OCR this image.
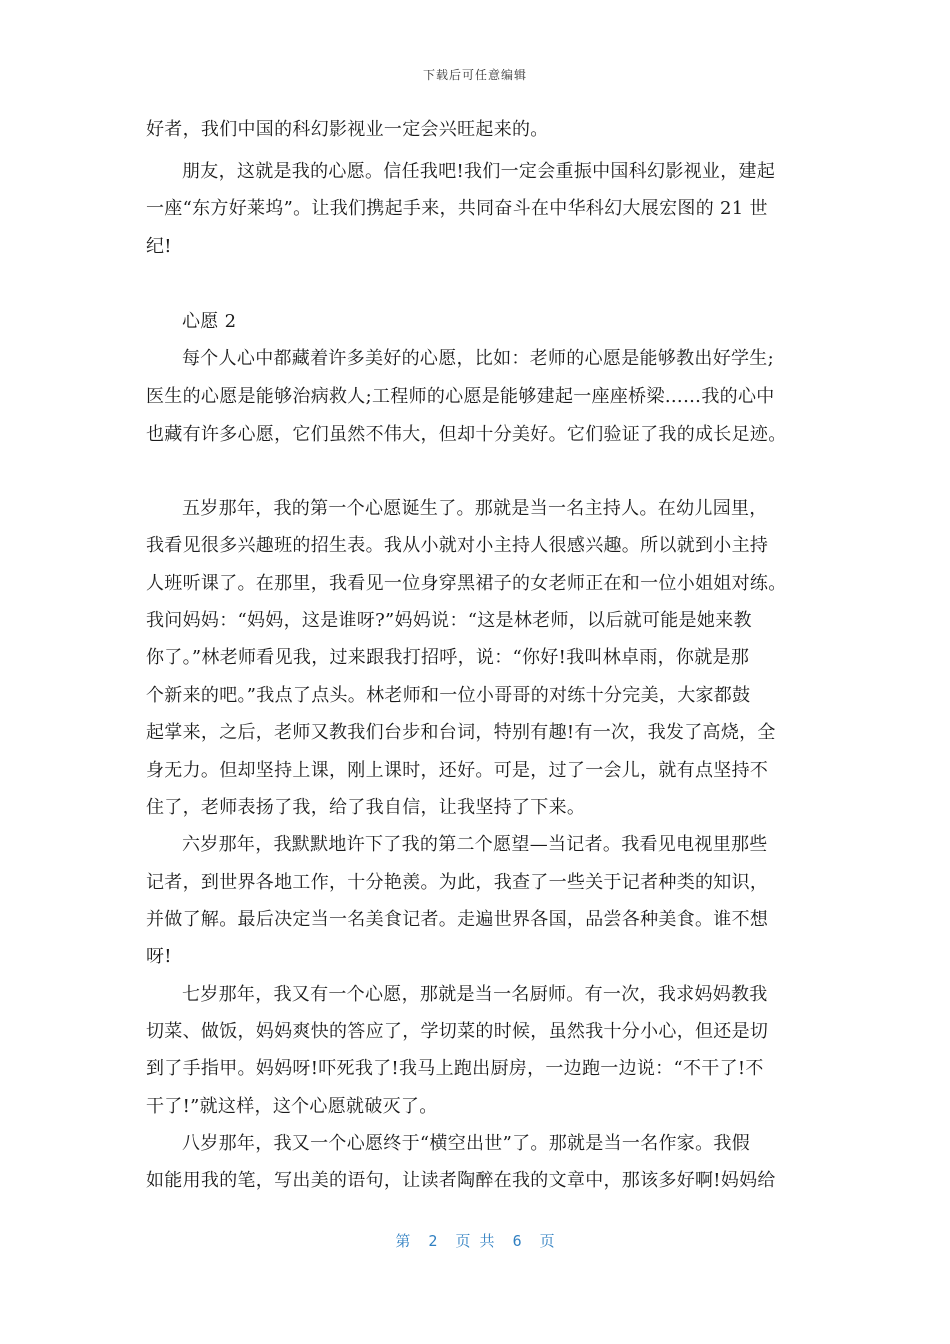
下载后可任意编辑
好者，我们中国的科幻影视业一定会兴旺起来的。
朋友，这就是我的心愿。信任我吧!我们一定会重振中国科幻影视业，建起
一座“东方好莱坞”。让我们携起手来，共同奋斗在中华科幻大展宏图的 21 世
纪!
心愿 2
每个人心中都藏着许多美好的心愿，比如：老师的心愿是能够教出好学生;
医生的心愿是能够治病救人;工程师的心愿是能够建起一座座桥梁……我的心中
也藏有许多心愿，它们虽然不伟大，但却十分美好。它们验证了我的成长足迹。
五岁那年，我的第一个心愿诞生了。那就是当一名主持人。在幼儿园里，
我看见很多兴趣班的招生表。我从小就对小主持人很感兴趣。所以就到小主持
人班听课了。在那里，我看见一位身穿黑裙子的女老师正在和一位小姐姐对练。
我问妈妈：“妈妈，这是谁呀?”妈妈说：“这是林老师，以后就可能是她来教
你了。”林老师看见我，过来跟我打招呼，说：“你好!我叫林卓雨，你就是那
个新来的吧。”我点了点头。林老师和一位小哥哥的对练十分完美，大家都鼓
起掌来，之后，老师又教我们台步和台词，特别有趣!有一次，我发了高烧，全
身无力。但却坚持上课，刚上课时，还好。可是，过了一会儿，就有点坚持不
住了，老师表扬了我，给了我自信，让我坚持了下来。
六岁那年，我默默地许下了我的第二个愿望—当记者。我看见电视里那些
记者，到世界各地工作，十分艳羡。为此，我查了一些关于记者种类的知识，
并做了解。最后决定当一名美食记者。走遍世界各国，品尝各种美食。谁不想
呀!
七岁那年，我又有一个心愿，那就是当一名厨师。有一次，我求妈妈教我
切菜、做饭，妈妈爽快的答应了，学切菜的时候，虽然我十分小心，但还是切
到了手指甲。妈妈呀!吓死我了!我马上跑出厨房，一边跑一边说：“不干了!不
干了!”就这样，这个心愿就破灭了。
八岁那年，我又一个心愿终于“横空出世”了。那就是当一名作家。我假
如能用我的笔，写出美的语句，让读者陶醉在我的文章中，那该多好啊!妈妈给
第  2  页 共  6  页
